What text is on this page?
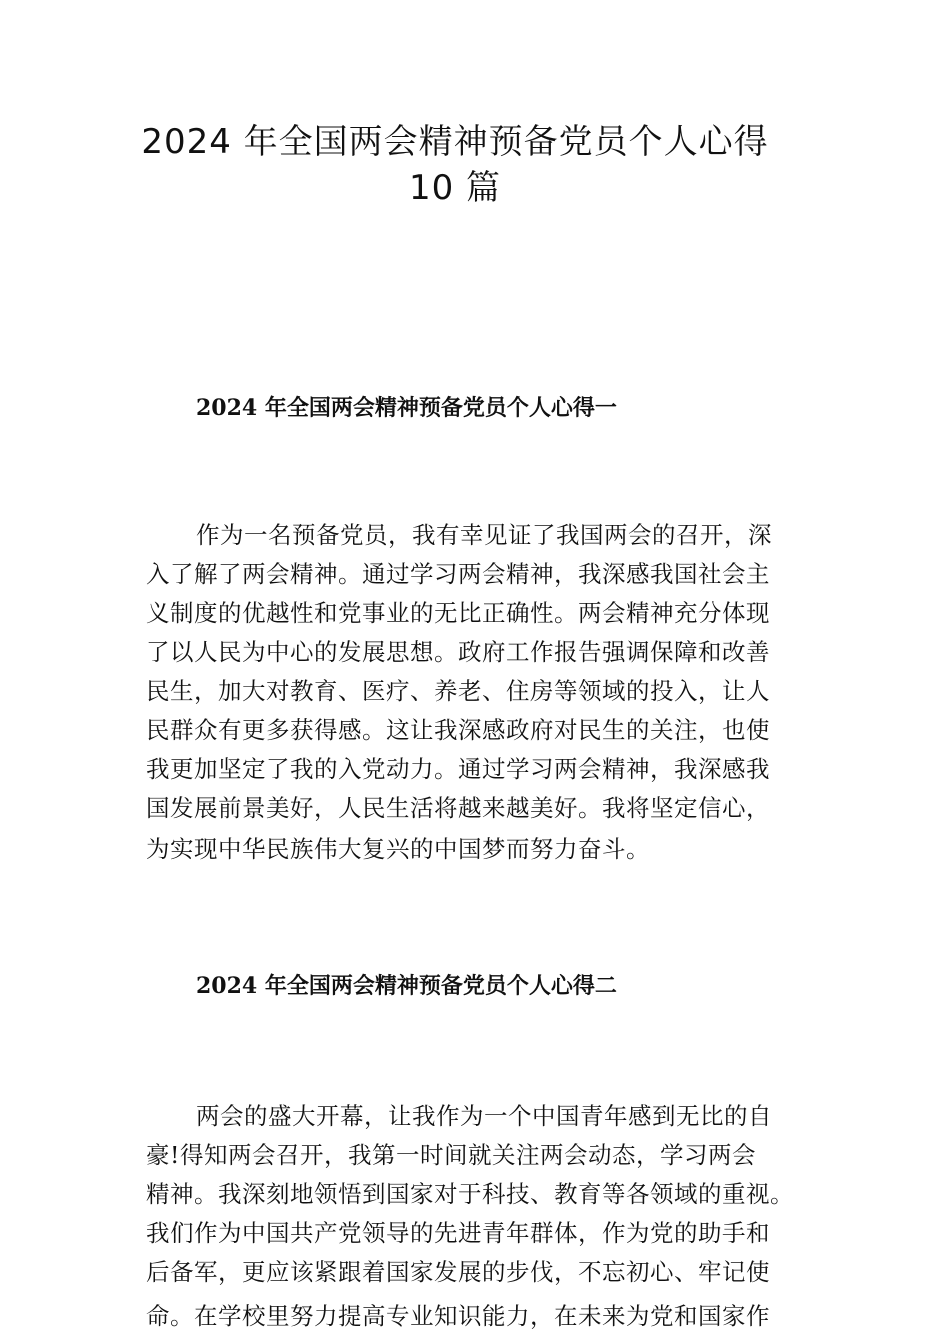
2024 年全国两会精神预备党员个人心得
10 篇
2024 年全国两会精神预备党员个人心得一
作为一名预备党员，我有幸见证了我国两会的召开，深
入了解了两会精神。通过学习两会精神，我深感我国社会主
义制度的优越性和党事业的无比正确性。两会精神充分体现
了以人民为中心的发展思想。政府工作报告强调保障和改善
民生，加大对教育、医疗、养老、住房等领域的投入，让人
民群众有更多获得感。这让我深感政府对民生的关注，也使
我更加坚定了我的入党动力。通过学习两会精神，我深感我
国发展前景美好，人民生活将越来越美好。我将坚定信心，
为实现中华民族伟大复兴的中国梦而努力奋斗。
2024 年全国两会精神预备党员个人心得二
两会的盛大开幕，让我作为一个中国青年感到无比的自
豪!得知两会召开，我第一时间就关注两会动态，学习两会
精神。我深刻地领悟到国家对于科技、教育等各领域的重视。
我们作为中国共产党领导的先进青年群体，作为党的助手和
后备军，更应该紧跟着国家发展的步伐，不忘初心、牢记使
命。在学校里努力提高专业知识能力，在未来为党和国家作
